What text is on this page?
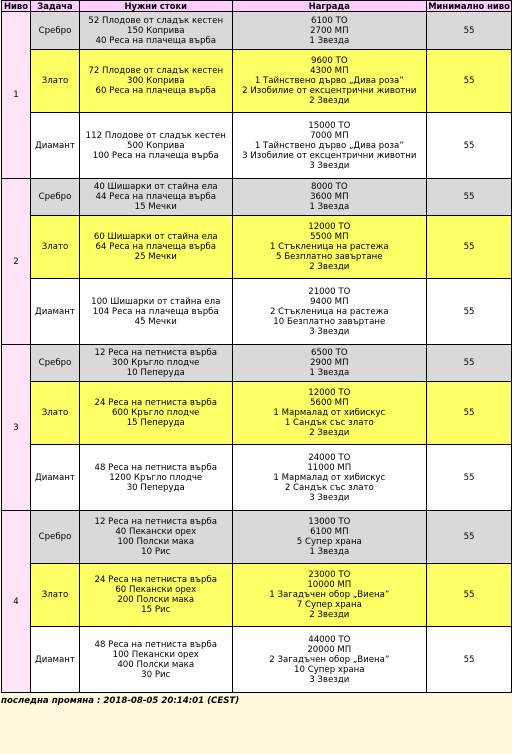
Ниво	Задача	Нужни стоки	Награда	Минимално ниво
1	Сребро	52 Плодове от сладък кестен
150 Коприва
40 Реса на плачеща върба	6100 ТО
2700 МП
1 Звезда	55
	Злато	72 Плодове от сладък кестен
300 Коприва
60 Реса на плачеща върба	9600 ТО
4300 МП
1 Тайнствено дърво „Дива роза”
2 Изобилие от ексцентрични животни
2 Звезди	55
	Диамант	112 Плодове от сладък кестен
500 Коприва
100 Реса на плачеща върба	15000 ТО
7000 МП
1 Тайнствено дърво „Дива роза”
3 Изобилие от ексцентрични животни
3 Звезди	55
2	Сребро	40 Шишарки от стайна ела
44 Реса на плачеща върба
15 Мечки	8000 ТО
3600 МП
1 Звезда	55
	Злато	60 Шишарки от стайна ела
64 Реса на плачеща върба
25 Мечки	12000 ТО
5500 МП
1 Стъкленица на растежа
5 Безплатно завъртане
2 Звезди	55
	Диамант	100 Шишарки от стайна ела
104 Реса на плачеща върба
45 Мечки	21000 ТО
9400 МП
2 Стъкленица на растежа
10 Безплатно завъртане
3 Звезди	55
3	Сребро	12 Реса на петниста върба
300 Кръгло плодче
10 Пеперуда	6500 ТО
2900 МП
1 Звезда	55
	Злато	24 Реса на петниста върба
600 Кръгло плодче
15 Пеперуда	12000 ТО
5600 МП
1 Мармалад от хибискус
1 Сандък със злато
2 Звезди	55
	Диамант	48 Реса на петниста върба
1200 Кръгло плодче
30 Пеперуда	24000 ТО
11000 МП
1 Мармалад от хибискус
2 Сандък със злато
3 Звезди	55
4	Сребро	12 Реса на петниста върба
40 Пекански орех
100 Полски мака
10 Рис	13000 ТО
6100 МП
5 Супер храна
1 Звезда	55
	Злато	24 Реса на петниста върба
60 Пекански орех
200 Полски мака
15 Рис	23000 ТО
10000 МП
1 Загадъчен обор „Виена”
7 Супер храна
2 Звезди	55
	Диамант	48 Реса на петниста върба
100 Пекански орех
400 Полски мака
30 Рис	44000 ТО
20000 МП
2 Загадъчен обор „Виена”
10 Супер храна
3 Звезди	55
последна промяна : 2018-08-05 20:14:01 (CEST)
